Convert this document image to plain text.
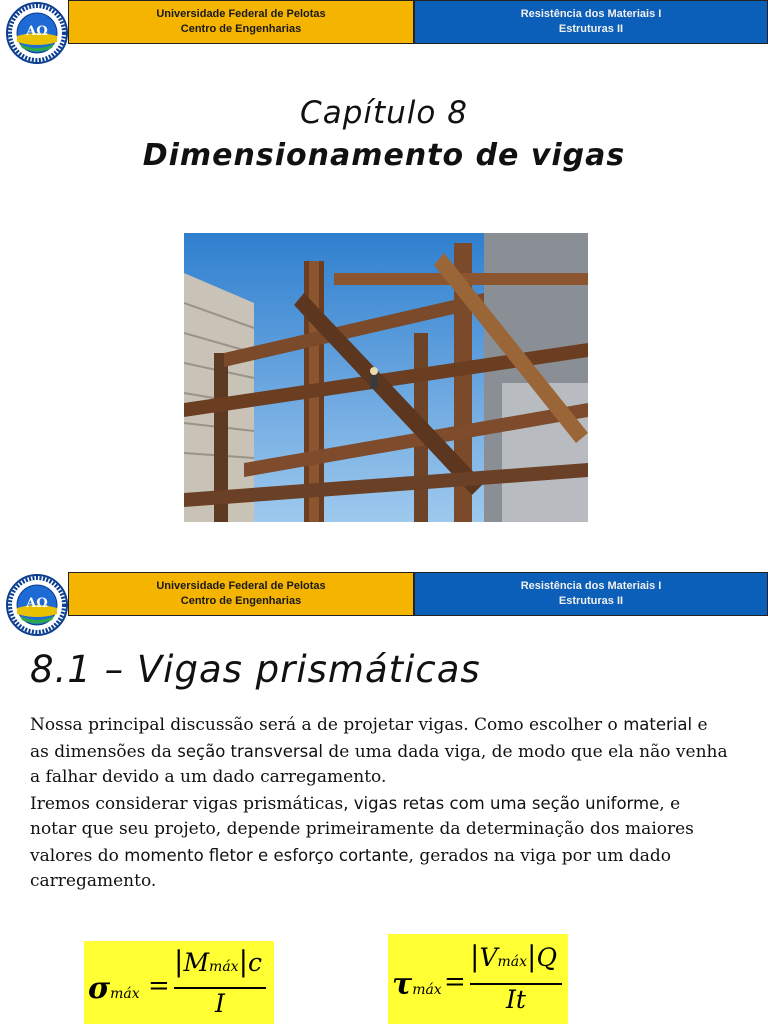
AΩ
Universidade Federal de Pelotas
Centro de Engenharias
Resistência dos Materiais I
Estruturas II
Capítulo 8
Dimensionamento de vigas
AΩ
Universidade Federal de Pelotas
Centro de Engenharias
Resistência dos Materiais I
Estruturas II
8.1 – Vigas prismáticas
Nossa principal discussão será a de projetar vigas. Como escolher o material e as dimensões da seção transversal de uma dada viga, de modo que ela não venha a falhar devido a um dado carregamento.
Iremos considerar vigas prismáticas, vigas retas com uma seção uniforme, e notar que seu projeto, depende primeiramente da determinação dos maiores valores do momento fletor e esforço cortante, gerados na viga por um dado carregamento.
σmáx =
|Mmáx|c
I
τmáx =
|Vmáx|Q
It
